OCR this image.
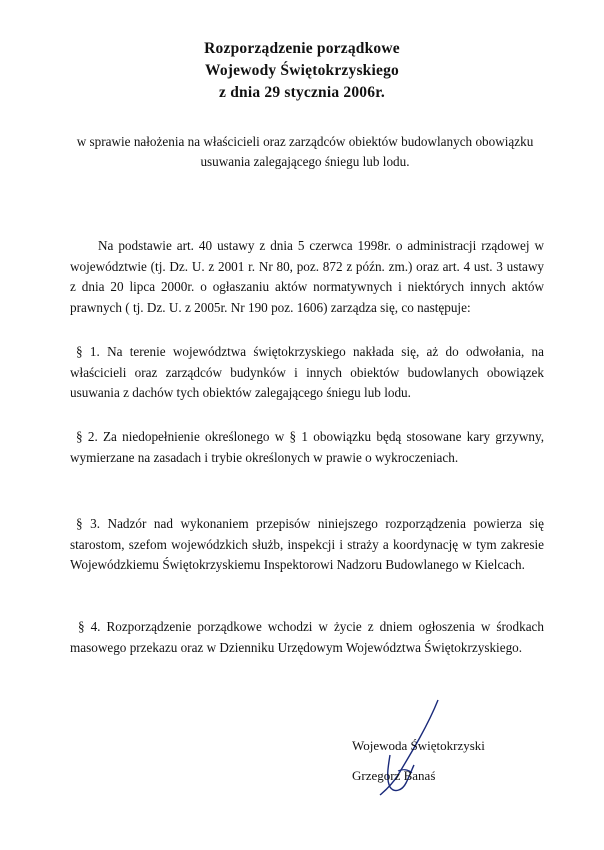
Rozporządzenie porządkowe
Wojewody Świętokrzyskiego
z dnia 29 stycznia 2006r.
w sprawie nałożenia na właścicieli oraz zarządców obiektów budowlanych obowiązku usuwania zalegającego śniegu lub lodu.
Na podstawie art. 40 ustawy z dnia 5 czerwca 1998r. o administracji rządowej w województwie (tj. Dz. U. z 2001 r. Nr 80, poz. 872 z późn. zm.) oraz art. 4 ust. 3 ustawy z dnia 20 lipca 2000r. o ogłaszaniu aktów normatywnych i niektórych innych aktów prawnych ( tj. Dz. U. z 2005r. Nr 190 poz. 1606) zarządza się, co następuje:
§ 1. Na terenie województwa świętokrzyskiego nakłada się, aż do odwołania, na właścicieli oraz zarządców budynków i innych obiektów budowlanych obowiązek usuwania z dachów tych obiektów zalegającego śniegu lub lodu.
§ 2. Za niedopełnienie określonego w § 1 obowiązku będą stosowane kary grzywny, wymierzane na zasadach i trybie określonych w prawie o wykroczeniach.
§ 3. Nadzór nad wykonaniem przepisów niniejszego rozporządzenia powierza się starostom, szefom wojewódzkich służb, inspekcji i straży a koordynację w tym zakresie Wojewódzkiemu Świętokrzyskiemu Inspektorowi Nadzoru Budowlanego w Kielcach.
§ 4. Rozporządzenie porządkowe wchodzi w życie z dniem ogłoszenia w środkach masowego przekazu oraz w Dzienniku Urzędowym Województwa Świętokrzyskiego.
Wojewoda Świętokrzyski
Grzegorz Banaś
